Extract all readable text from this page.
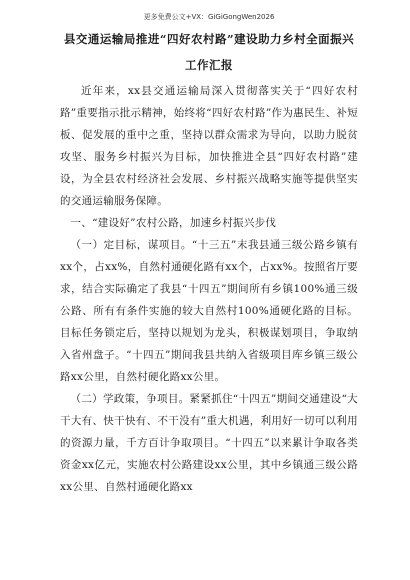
更多免费公文+VX：GiGiGongWen2026
县交通运输局推进“四好农村路”建设助力乡村全面振兴
工作汇报

近年来，xx县交通运输局深入贯彻落实关于“四好农村路”重要指示批示精神，始终将“四好农村路”作为惠民生、补短板、促发展的重中之重，坚持以群众需求为导向，以助力脱贫攻坚、服务乡村振兴为目标，加快推进全县“四好农村路”建设，为全县农村经济社会发展、乡村振兴战略实施等提供坚实的交通运输服务保障。

一、“建设好”农村公路，加速乡村振兴步伐

（一）定目标，谋项目。“十三五”末我县通三级公路乡镇有xx个，占xx%，自然村通硬化路有xx个，占xx%。按照省厅要求，结合实际确定了我县“十四五”期间所有乡镇100%通三级公路、所有有条件实施的较大自然村100%通硬化路的目标。目标任务锁定后，坚持以规划为龙头，积极谋划项目，争取纳入省州盘子。“十四五”期间我县共纳入省级项目库乡镇三级公路xx公里，自然村硬化路xx公里。

（二）学政策，争项目。紧紧抓住“十四五”期间交通建设“大干大有、快干快有、不干没有”重大机遇，利用好一切可以利用的资源力量，千方百计争取项目。“十四五”以来累计争取各类资金xx亿元，实施农村公路建设xx公里，其中乡镇通三级公路xx公里、自然村通硬化路xx
